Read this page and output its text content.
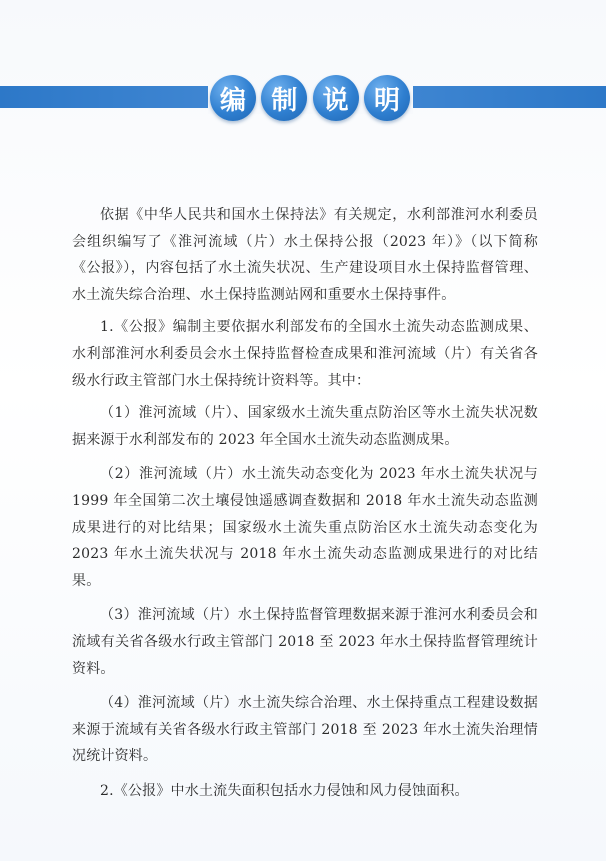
编 制 说 明

依据《中华人民共和国水土保持法》有关规定，水利部淮河水利委员会组织编写了《淮河流域（片）水土保持公报（2023 年）》（以下简称《公报》），内容包括了水土流失状况、生产建设项目水土保持监督管理、水土流失综合治理、水土保持监测站网和重要水土保持事件。

1.《公报》编制主要依据水利部发布的全国水土流失动态监测成果、水利部淮河水利委员会水土保持监督检查成果和淮河流域（片）有关省各级水行政主管部门水土保持统计资料等。其中：

（1）淮河流域（片）、国家级水土流失重点防治区等水土流失状况数据来源于水利部发布的 2023 年全国水土流失动态监测成果。

（2）淮河流域（片）水土流失动态变化为 2023 年水土流失状况与 1999 年全国第二次土壤侵蚀遥感调查数据和 2018 年水土流失动态监测成果进行的对比结果；国家级水土流失重点防治区水土流失动态变化为 2023 年水土流失状况与 2018 年水土流失动态监测成果进行的对比结果。

（3）淮河流域（片）水土保持监督管理数据来源于淮河水利委员会和流域有关省各级水行政主管部门 2018 至 2023 年水土保持监督管理统计资料。

（4）淮河流域（片）水土流失综合治理、水土保持重点工程建设数据来源于流域有关省各级水行政主管部门 2018 至 2023 年水土流失治理情况统计资料。

2.《公报》中水土流失面积包括水力侵蚀和风力侵蚀面积。
